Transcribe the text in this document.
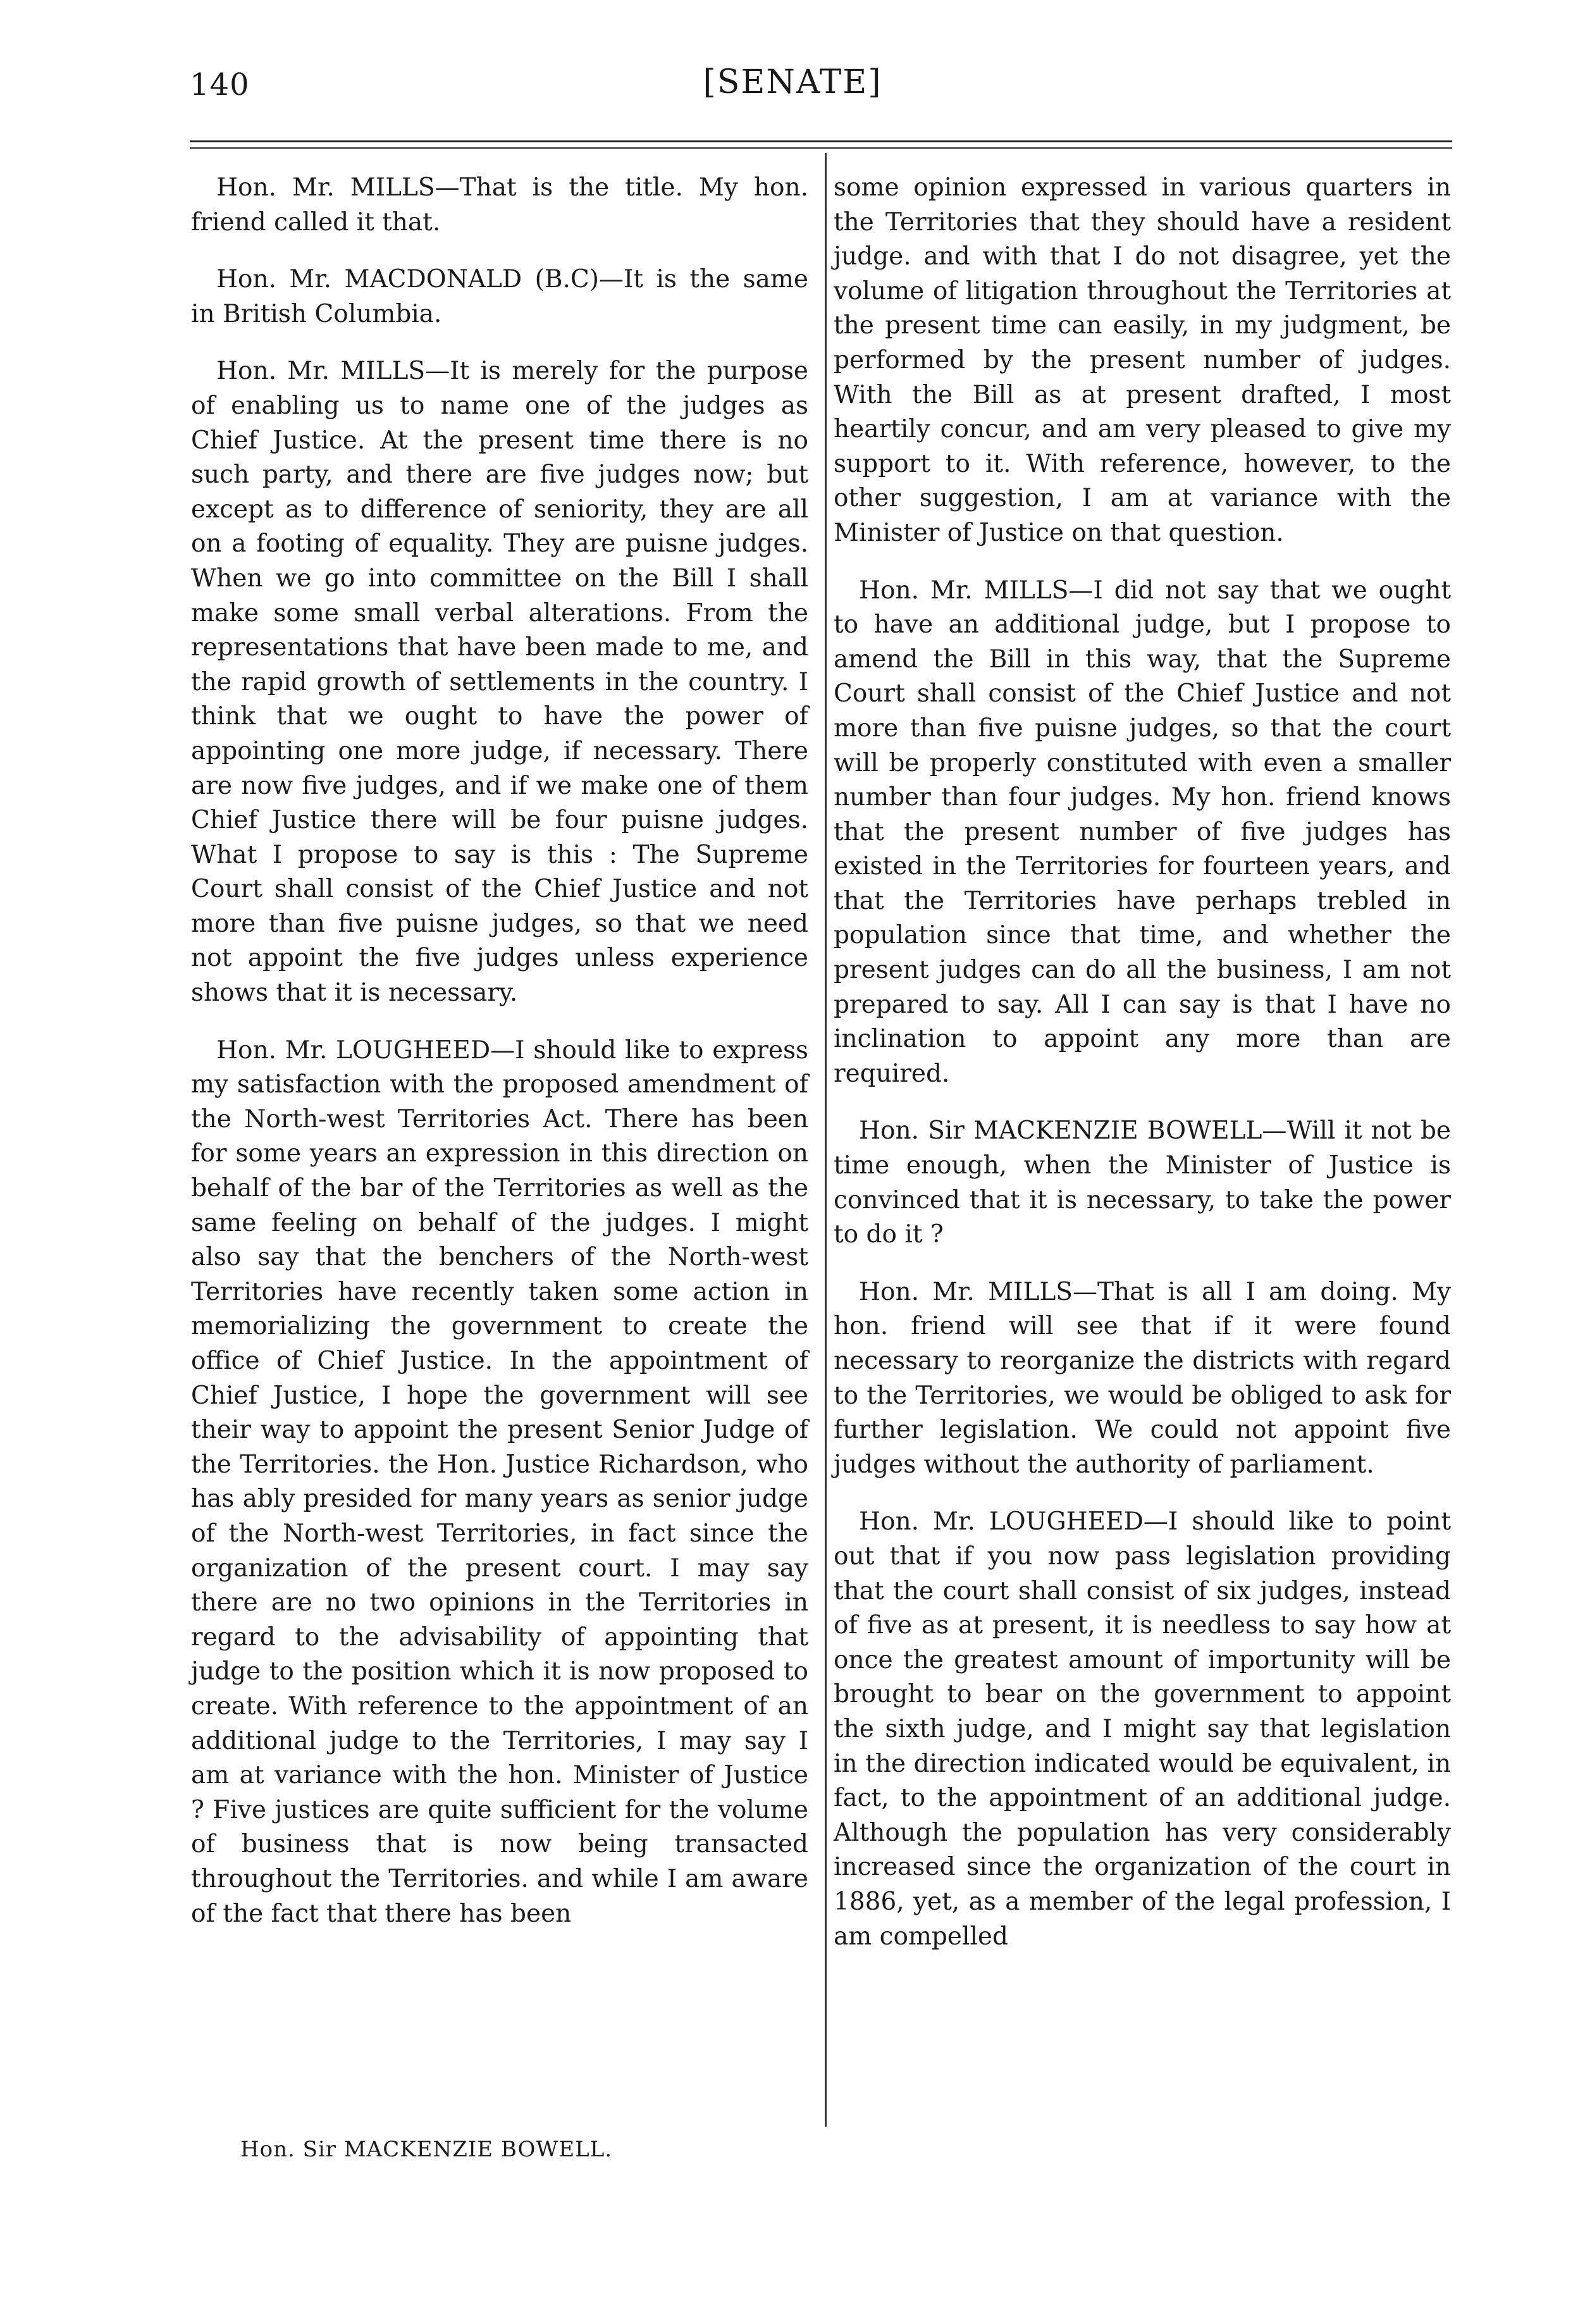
140	[SENATE]

Hon. Mr. MILLS—That is the title. My hon. friend called it that.

Hon. Mr. MACDONALD (B.C)—It is the same in British Columbia.

Hon. Mr. MILLS—It is merely for the purpose of enabling us to name one of the judges as Chief Justice. At the present time there is no such party, and there are five judges now; but except as to difference of seniority, they are all on a footing of equality. They are puisne judges. When we go into committee on the Bill I shall make some small verbal alterations. From the representations that have been made to me, and the rapid growth of settlements in the country. I think that we ought to have the power of appointing one more judge, if necessary. There are now five judges, and if we make one of them Chief Justice there will be four puisne judges. What I propose to say is this : The Supreme Court shall consist of the Chief Justice and not more than five puisne judges, so that we need not appoint the five judges unless experience shows that it is necessary.

Hon. Mr. LOUGHEED—I should like to express my satisfaction with the proposed amendment of the North-west Territories Act. There has been for some years an expression in this direction on behalf of the bar of the Territories as well as the same feeling on behalf of the judges. I might also say that the benchers of the North-west Territories have recently taken some action in memorializing the government to create the office of Chief Justice. In the appointment of Chief Justice, I hope the government will see their way to appoint the present Senior Judge of the Territories. the Hon. Justice Richardson, who has ably presided for many years as senior judge of the North-west Territories, in fact since the organization of the present court. I may say there are no two opinions in the Territories in regard to the advisability of appointing that judge to the position which it is now proposed to create. With reference to the appointment of an additional judge to the Territories, I may say I am at variance with the hon. Minister of Justice ? Five justices are quite sufficient for the volume of business that is now being transacted throughout the Territories. and while I am aware of the fact that there has been

some opinion expressed in various quarters in the Territories that they should have a resident judge. and with that I do not disagree, yet the volume of litigation throughout the Territories at the present time can easily, in my judgment, be performed by the present number of judges. With the Bill as at present drafted, I most heartily concur, and am very pleased to give my support to it. With reference, however, to the other suggestion, I am at variance with the Minister of Justice on that question.

Hon. Mr. MILLS—I did not say that we ought to have an additional judge, but I propose to amend the Bill in this way, that the Supreme Court shall consist of the Chief Justice and not more than five puisne judges, so that the court will be properly constituted with even a smaller number than four judges. My hon. friend knows that the present number of five judges has existed in the Territories for fourteen years, and that the Territories have perhaps trebled in population since that time, and whether the present judges can do all the business, I am not prepared to say. All I can say is that I have no inclination to appoint any more than are required.

Hon. Sir MACKENZIE BOWELL—Will it not be time enough, when the Minister of Justice is convinced that it is necessary, to take the power to do it ?

Hon. Mr. MILLS—That is all I am doing. My hon. friend will see that if it were found necessary to reorganize the districts with regard to the Territories, we would be obliged to ask for further legislation. We could not appoint five judges without the authority of parliament.

Hon. Mr. LOUGHEED—I should like to point out that if you now pass legislation providing that the court shall consist of six judges, instead of five as at present, it is needless to say how at once the greatest amount of importunity will be brought to bear on the government to appoint the sixth judge, and I might say that legislation in the direction indicated would be equivalent, in fact, to the appointment of an additional judge. Although the population has very considerably increased since the organization of the court in 1886, yet, as a member of the legal profession, I am compelled

Hon. Sir MACKENZIE BOWELL.
